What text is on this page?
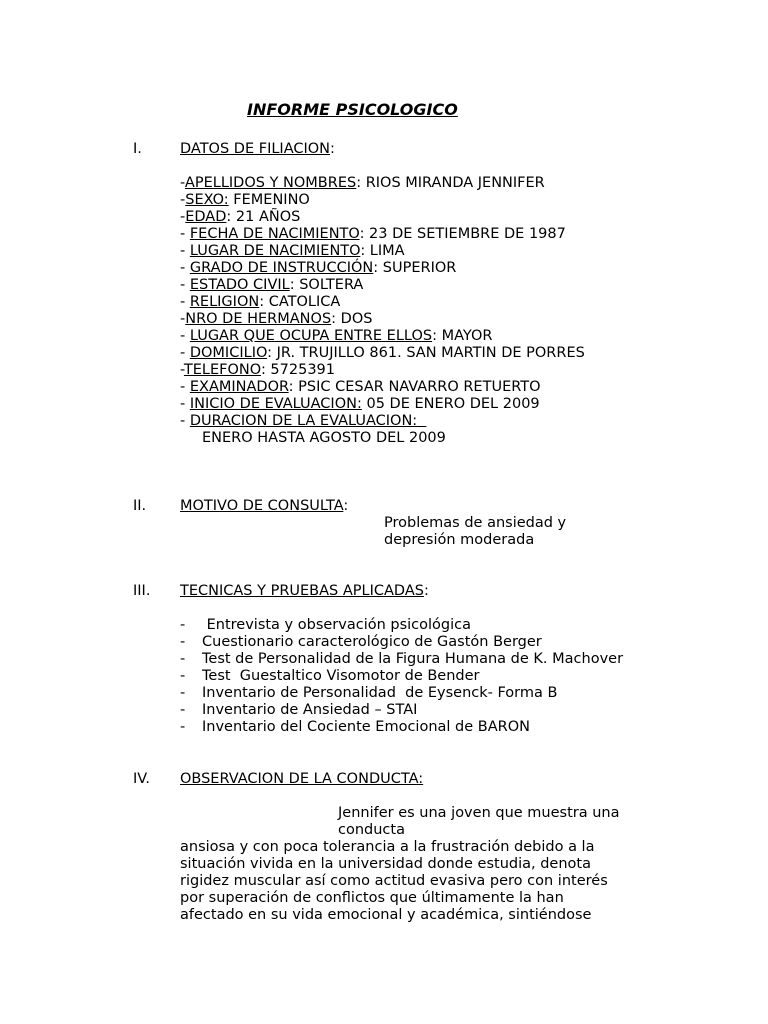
INFORME PSICOLOGICO
I.	DATOS DE FILIACION:
-APELLIDOS Y NOMBRES: RIOS MIRANDA JENNIFER
-SEXO: FEMENINO
-EDAD: 21 AÑOS
- FECHA DE NACIMIENTO: 23 DE SETIEMBRE DE 1987
- LUGAR DE NACIMIENTO: LIMA
- GRADO DE INSTRUCCIÓN: SUPERIOR
- ESTADO CIVIL: SOLTERA
- RELIGION: CATOLICA
-NRO DE HERMANOS: DOS
- LUGAR QUE OCUPA ENTRE ELLOS: MAYOR
- DOMICILIO: JR. TRUJILLO 861. SAN MARTIN DE PORRES
-TELEFONO: 5725391
- EXAMINADOR: PSIC CESAR NAVARRO RETUERTO
- INICIO DE EVALUACION: 05 DE ENERO DEL 2009
- DURACION DE LA EVALUACION:
ENERO HASTA AGOSTO DEL 2009
II. MOTIVO DE CONSULTA:
Problemas de ansiedad y
depresión moderada
III. TECNICAS Y PRUEBAS APLICADAS:
- Entrevista y observación psicológica
- Cuestionario caracterológico de Gastón Berger
- Test de Personalidad de la Figura Humana de K. Machover
- Test  Guestaltico Visomotor de Bender
- Inventario de Personalidad  de Eysenck- Forma B
- Inventario de Ansiedad – STAI
- Inventario del Cociente Emocional de BARON
IV. OBSERVACION DE LA CONDUCTA:
Jennifer es una joven que muestra una
conducta
ansiosa y con poca tolerancia a la frustración debido a la
situación vivida en la universidad donde estudia, denota
rigidez muscular así como actitud evasiva pero con interés
por superación de conflictos que últimamente la han
afectado en su vida emocional y académica, sintiéndose
